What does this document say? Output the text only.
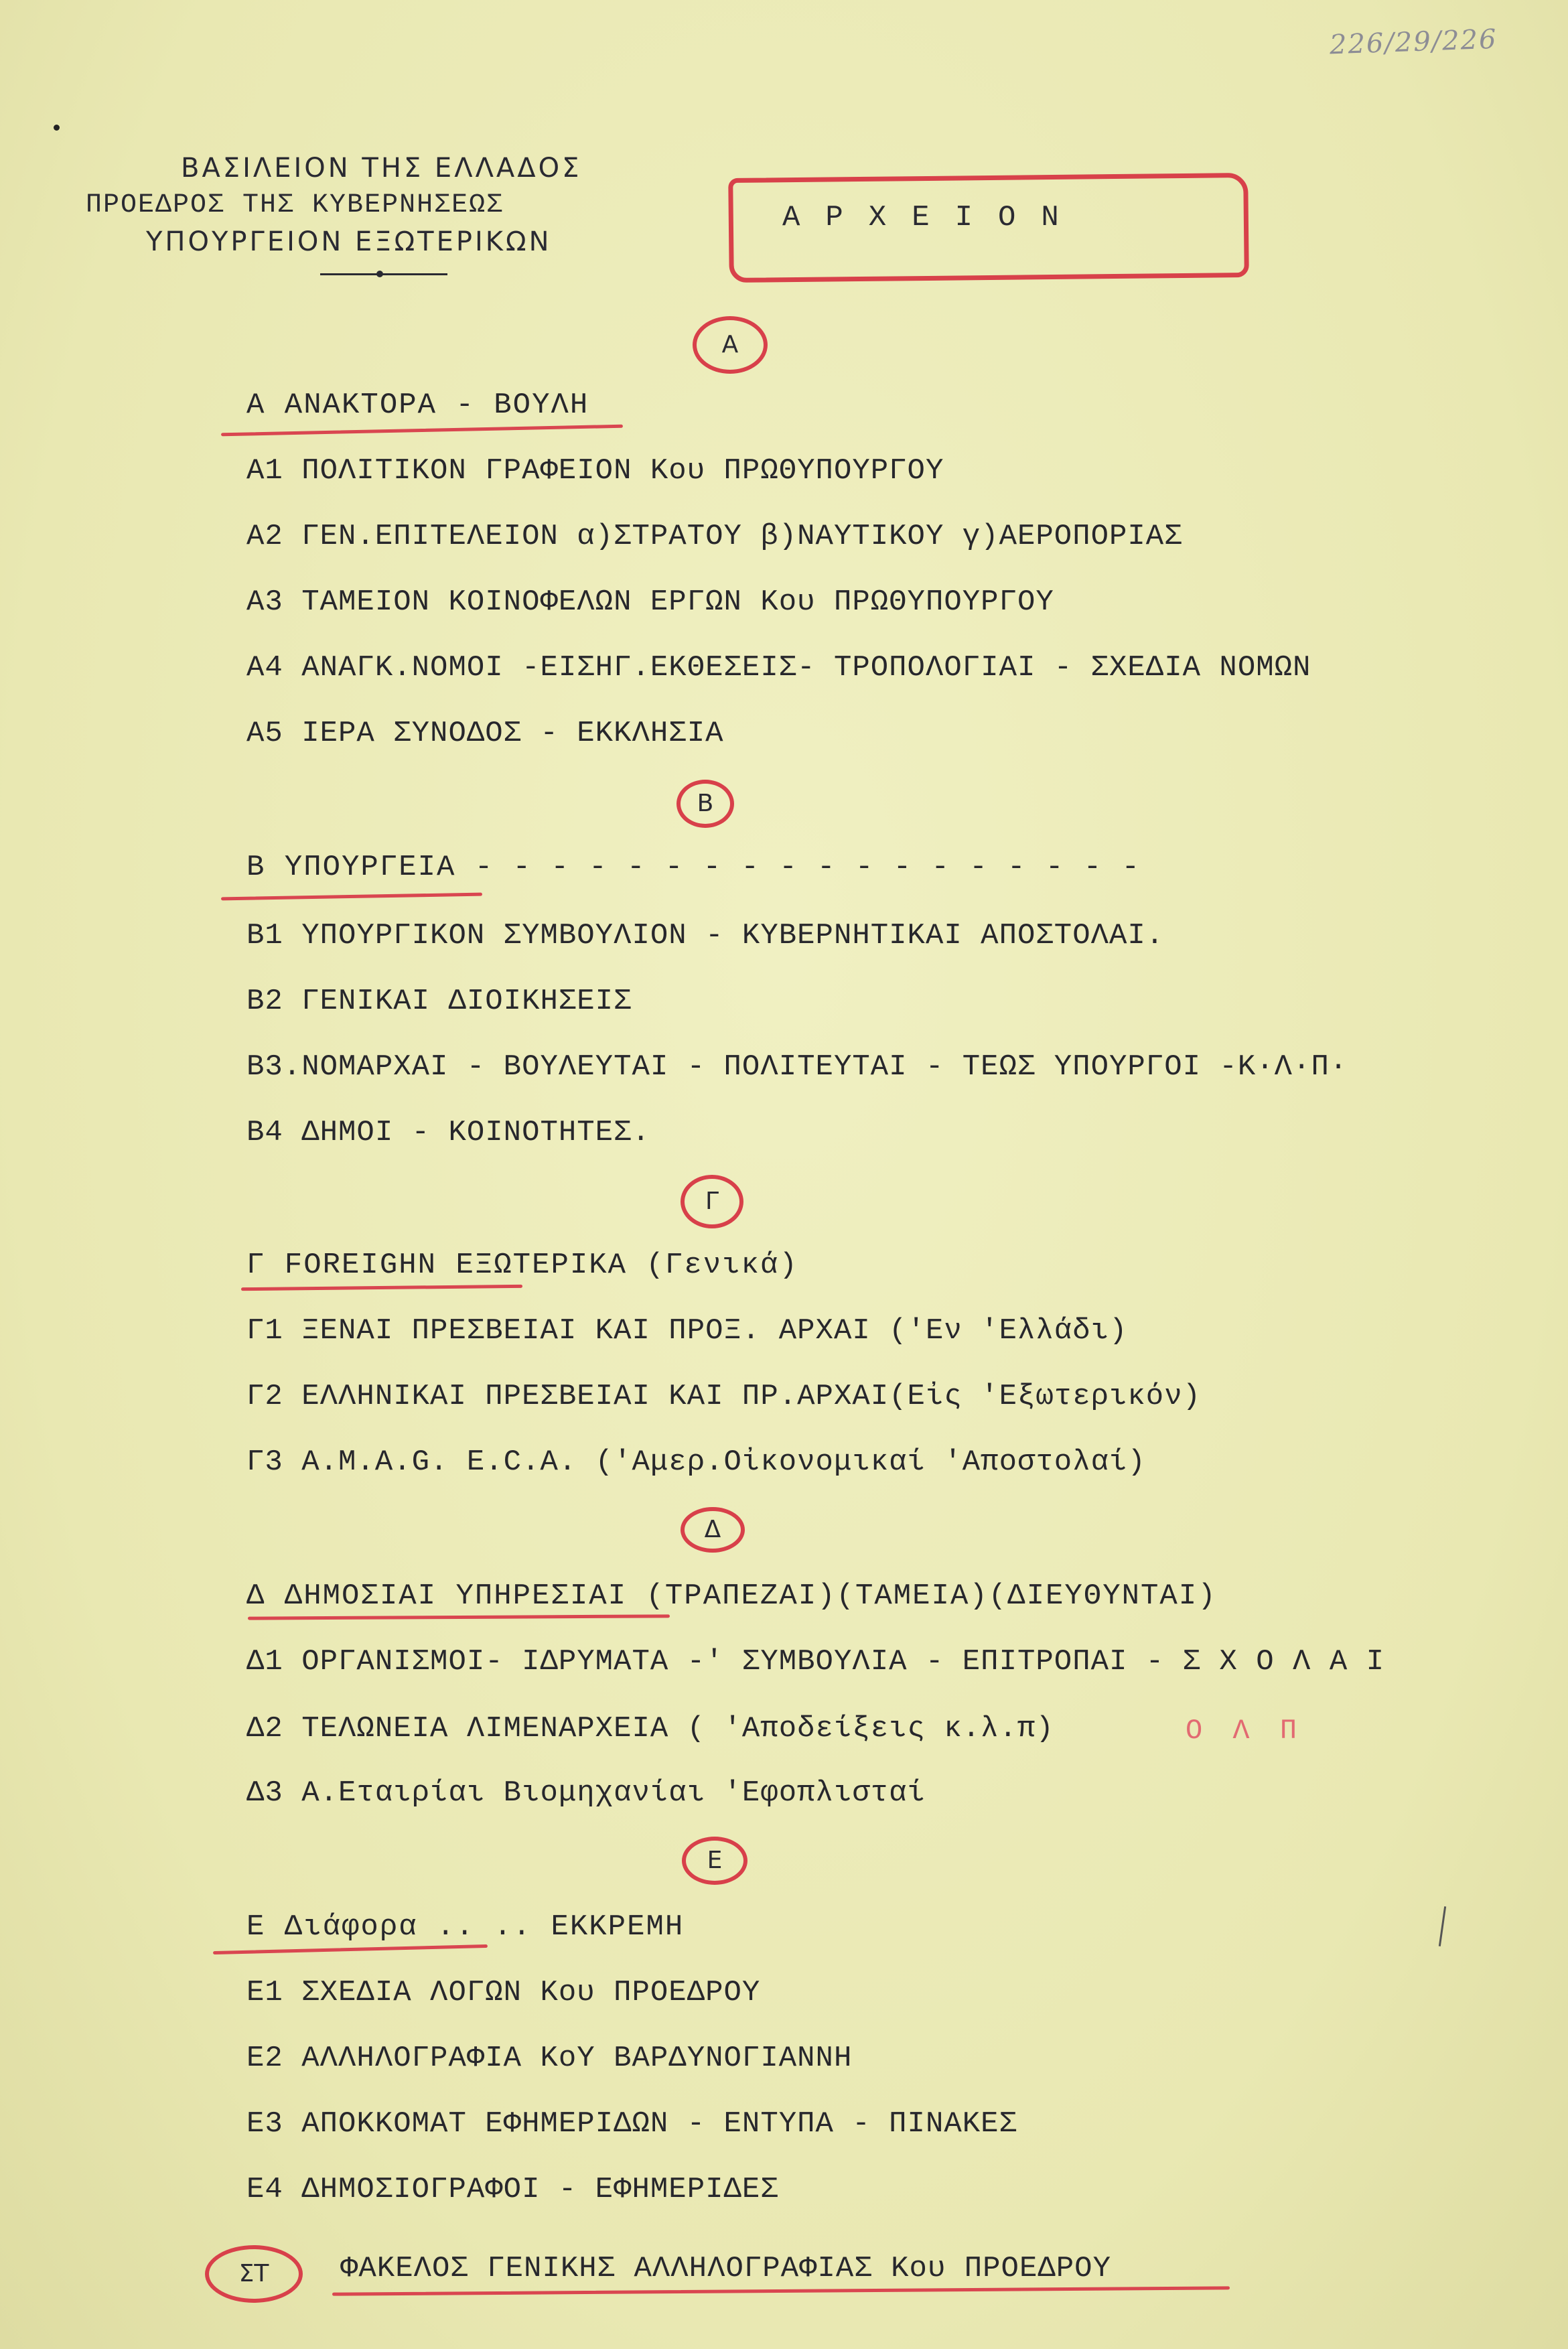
226/29/226
ΒΑΣΙΛΕΙΟΝ ΤΗΣ ΕΛΛΑΔΟΣ
ΠΡΟΕΔΡΟΣ ΤΗΣ ΚΥΒΕΡΝΗΣΕΩΣ
ΥΠΟΥΡΓΕΙΟΝ ΕΞΩΤΕΡΙΚΩΝ
ΑΡΧΕΙΟΝ
Α
Α ΑΝΑΚΤΟΡΑ - ΒΟΥΛΗ
Α1 ΠΟΛΙΤΙΚΟΝ ΓΡΑΦΕΙΟΝ Κου ΠΡΩΘΥΠΟΥΡΓΟΥ
Α2 ΓΕΝ.ΕΠΙΤΕΛΕΙΟΝ α)ΣΤΡΑΤΟΥ β)ΝΑΥΤΙΚΟΥ γ)ΑΕΡΟΠΟΡΙΑΣ
Α3 ΤΑΜΕΙΟΝ ΚΟΙΝΟΦΕΛΩΝ ΕΡΓΩΝ Κου ΠΡΩΘΥΠΟΥΡΓΟΥ
Α4 ΑΝΑΓΚ.ΝΟΜΟΙ -ΕΙΣΗΓ.ΕΚΘΕΣΕΙΣ- ΤΡΟΠΟΛΟΓΙΑΙ - ΣΧΕΔΙΑ ΝΟΜΩΝ
Α5 ΙΕΡΑ ΣΥΝΟΔΟΣ - ΕΚΚΛΗΣΙΑ
Β
Β ΥΠΟΥΡΓΕΙΑ - - - - - - - - - - - - - - - - - -
Β1 ΥΠΟΥΡΓΙΚΟΝ ΣΥΜΒΟΥΛΙΟΝ - ΚΥΒΕΡΝΗΤΙΚΑΙ ΑΠΟΣΤΟΛΑΙ.
Β2 ΓΕΝΙΚΑΙ ΔΙΟΙΚΗΣΕΙΣ
Β3.ΝΟΜΑΡΧΑΙ - ΒΟΥΛΕΥΤΑΙ - ΠΟΛΙΤΕΥΤΑΙ - ΤΕΩΣ ΥΠΟΥΡΓΟΙ -Κ·Λ·Π·
Β4 ΔΗΜΟΙ - ΚΟΙΝΟΤΗΤΕΣ.
Γ
Γ FOREIGHN ΕΞΩΤΕΡΙΚΑ (Γενικά)
Γ1 ΞΕΝΑΙ ΠΡΕΣΒΕΙΑΙ ΚΑΙ ΠΡΟΞ. ΑΡΧΑΙ ('Εν 'Ελλάδι)
Γ2 ΕΛΛΗΝΙΚΑΙ ΠΡΕΣΒΕΙΑΙ ΚΑΙ ΠΡ.ΑΡΧΑΙ(Εἰς 'Εξωτερικόν)
Γ3 A.M.A.G. E.C.A. ('Αμερ.Οἰκονομικαί 'Αποστολαί)
Δ
Δ ΔΗΜΟΣΙΑΙ ΥΠΗΡΕΣΙΑΙ (ΤΡΑΠΕΖΑΙ)(ΤΑΜΕΙΑ)(ΔΙΕΥΘΥΝΤΑΙ)
Δ1 ΟΡΓΑΝΙΣΜΟΙ- ΙΔΡΥΜΑΤΑ -' ΣΥΜΒΟΥΛΙΑ - ΕΠΙΤΡΟΠΑΙ - Σ Χ Ο Λ Α Ι
Δ2 ΤΕΛΩΝΕΙΑ ΛΙΜΕΝΑΡΧΕΙΑ ( 'Αποδείξεις κ.λ.π)	Ο Λ Π
Δ3 Α.Εταιρίαι Βιομηχανίαι 'Εφοπλισταί
Ε
Ε Διάφορα .. .. ΕΚΚΡΕΜΗ
Ε1 ΣΧΕΔΙΑ ΛΟΓΩΝ Κου ΠΡΟΕΔΡΟΥ
Ε2 ΑΛΛΗΛΟΓΡΑΦΙΑ ΚοΥ ΒΑΡΔΥΝΟΓΙΑΝΝΗ
Ε3 ΑΠΟΚΚΟΜΑΤ ΕΦΗΜΕΡΙΔΩΝ - ΕΝΤΥΠΑ - ΠΙΝΑΚΕΣ
Ε4 ΔΗΜΟΣΙΟΓΡΑΦΟΙ - ΕΦΗΜΕΡΙΔΕΣ
ΣΤ	ΦΑΚΕΛΟΣ ΓΕΝΙΚΗΣ ΑΛΛΗΛΟΓΡΑΦΙΑΣ Κου ΠΡΟΕΔΡΟΥ
